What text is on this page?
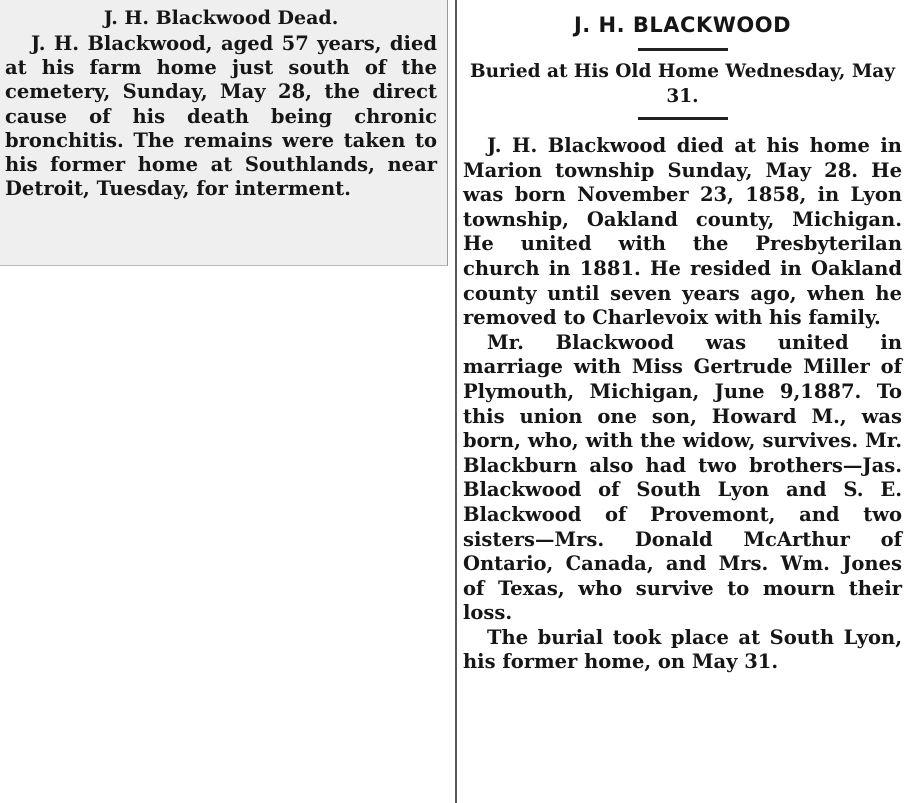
J. H. Blackwood Dead.

J. H. Blackwood, aged 57 years, died at his farm home just south of the cemetery, Sunday, May 28, the direct cause of his death being chronic bronchitis. The remains were taken to his former home at Southlands, near Detroit, Tuesday, for interment.

J. H. BLACKWOOD

Buried at His Old Home Wednesday, May 31.

J. H. Blackwood died at his home in Marion township Sunday, May 28. He was born November 23, 1858, in Lyon township, Oakland county, Michigan. He united with the Presbyterilan church in 1881. He resided in Oakland county until seven years ago, when he removed to Charlevoix with his family.

Mr. Blackwood was united in marriage with Miss Gertrude Miller of Plymouth, Michigan, June 9,1887. To this union one son, Howard M., was born, who, with the widow, survives. Mr. Blackburn also had two brothers—Jas. Blackwood of South Lyon and S. E. Blackwood of Provemont, and two sisters—Mrs. Donald McArthur of Ontario, Canada, and Mrs. Wm. Jones of Texas, who survive to mourn their loss.

The burial took place at South Lyon, his former home, on May 31.
